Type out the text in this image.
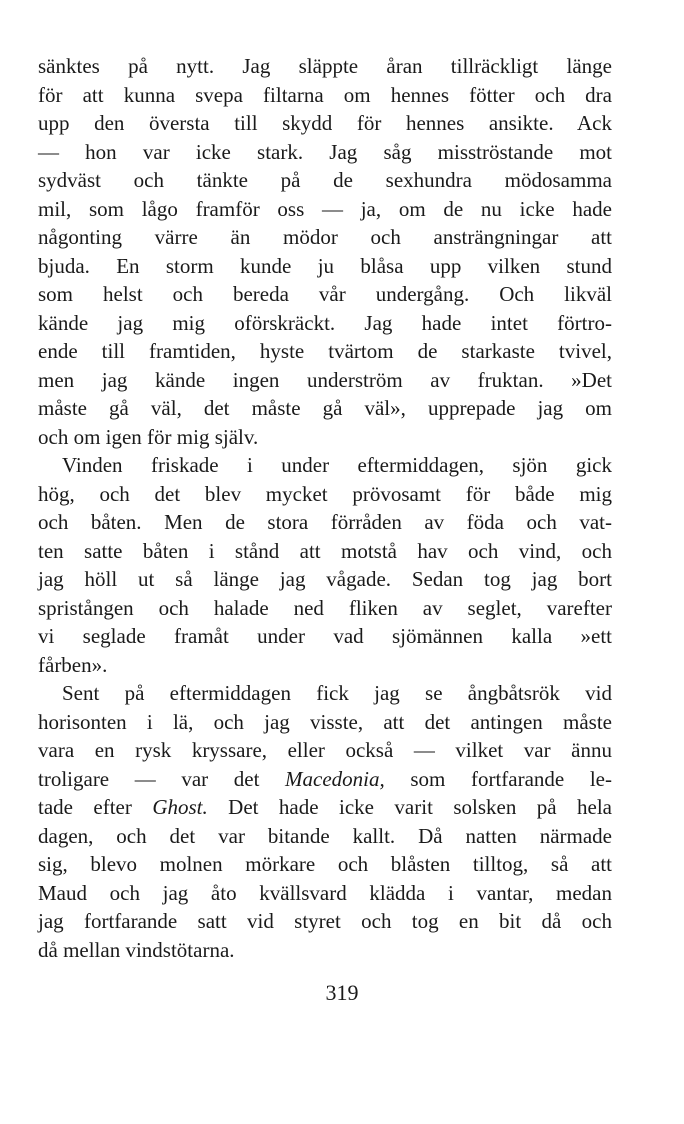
sänktes på nytt. Jag släppte åran tillräckligt länge
för att kunna svepa filtarna om hennes fötter och dra
upp den översta till skydd för hennes ansikte. Ack
— hon var icke stark. Jag såg misströstande mot
sydväst och tänkte på de sexhundra mödosamma
mil, som lågo framför oss — ja, om de nu icke hade
någonting värre än mödor och ansträngningar att
bjuda. En storm kunde ju blåsa upp vilken stund
som helst och bereda vår undergång. Och likväl
kände jag mig oförskräckt. Jag hade intet förtro-
ende till framtiden, hyste tvärtom de starkaste tvivel,
men jag kände ingen underström av fruktan. »Det
måste gå väl, det måste gå väl», upprepade jag om
och om igen för mig själv.
Vinden friskade i under eftermiddagen, sjön gick
hög, och det blev mycket prövosamt för både mig
och båten. Men de stora förråden av föda och vat-
ten satte båten i stånd att motstå hav och vind, och
jag höll ut så länge jag vågade. Sedan tog jag bort
spristången och halade ned fliken av seglet, varefter
vi seglade framåt under vad sjömännen kalla »ett
fårben».
Sent på eftermiddagen fick jag se ångbåtsrök vid
horisonten i lä, och jag visste, att det antingen måste
vara en rysk kryssare, eller också — vilket var ännu
troligare — var det Macedonia, som fortfarande le-
tade efter Ghost. Det hade icke varit solsken på hela
dagen, och det var bitande kallt. Då natten närmade
sig, blevo molnen mörkare och blåsten tilltog, så att
Maud och jag åto kvällsvard klädda i vantar, medan
jag fortfarande satt vid styret och tog en bit då och
då mellan vindstötarna.
319
